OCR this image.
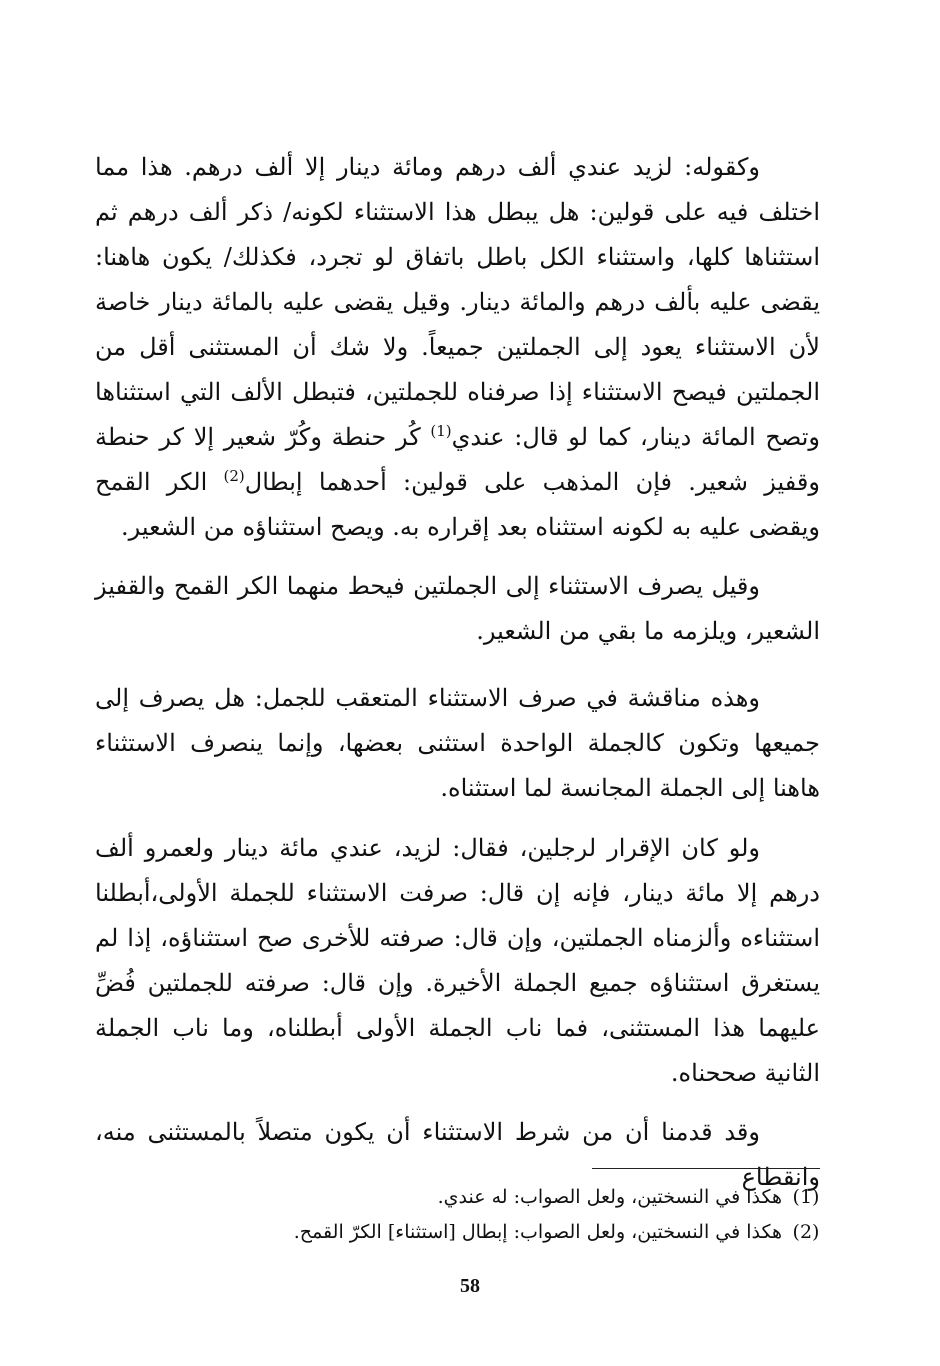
وكقوله: لزيد عندي ألف درهم ومائة دينار إلا ألف درهم. هذا مما اختلف فيه على قولين: هل يبطل هذا الاستثناء لكونه/ ذكر ألف درهم ثم استثناها كلها، واستثناء الكل باطل باتفاق لو تجرد، فكذلك/ يكون هاهنا: يقضى عليه بألف درهم والمائة دينار. وقيل يقضى عليه بالمائة دينار خاصة لأن الاستثناء يعود إلى الجملتين جميعاً. ولا شك أن المستثنى أقل من الجملتين فيصح الاستثناء إذا صرفناه للجملتين، فتبطل الألف التي استثناها وتصح المائة دينار، كما لو قال: عندي$^{(1)}$ كُر حنطة وكُرّ شعير إلا كر حنطة وقفيز شعير. فإن المذهب على قولين: أحدهما إبطال$^{(2)}$ الكر القمح ويقضى عليه به لكونه استثناه بعد إقراره به. ويصح استثناؤه من الشعير.

وقيل يصرف الاستثناء إلى الجملتين فيحط منهما الكر القمح والقفيز الشعير، ويلزمه ما بقي من الشعير.

وهذه مناقشة في صرف الاستثناء المتعقب للجمل: هل يصرف إلى جميعها وتكون كالجملة الواحدة استثنى بعضها، وإنما ينصرف الاستثناء هاهنا إلى الجملة المجانسة لما استثناه.

ولو كان الإقرار لرجلين، فقال: لزيد، عندي مائة دينار ولعمرو ألف درهم إلا مائة دينار، فإنه إن قال: صرفت الاستثناء للجملة الأولى،أبطلنا استثناءه وألزمناه الجملتين، وإن قال: صرفته للأخرى صح استثناؤه، إذا لم يستغرق استثناؤه جميع الجملة الأخيرة. وإن قال: صرفته للجملتين فُضِّ عليهما هذا المستثنى، فما ناب الجملة الأولى أبطلناه، وما ناب الجملة الثانية صححناه.

وقد قدمنا أن من شرط الاستثناء أن يكون متصلاً بالمستثنى منه، وانقطاع

(1)
هكذا في النسختين، ولعل الصواب: له عندي.
(2)
هكذا في النسختين، ولعل الصواب: إبطال [استثناء] الكرّ القمح.
58
